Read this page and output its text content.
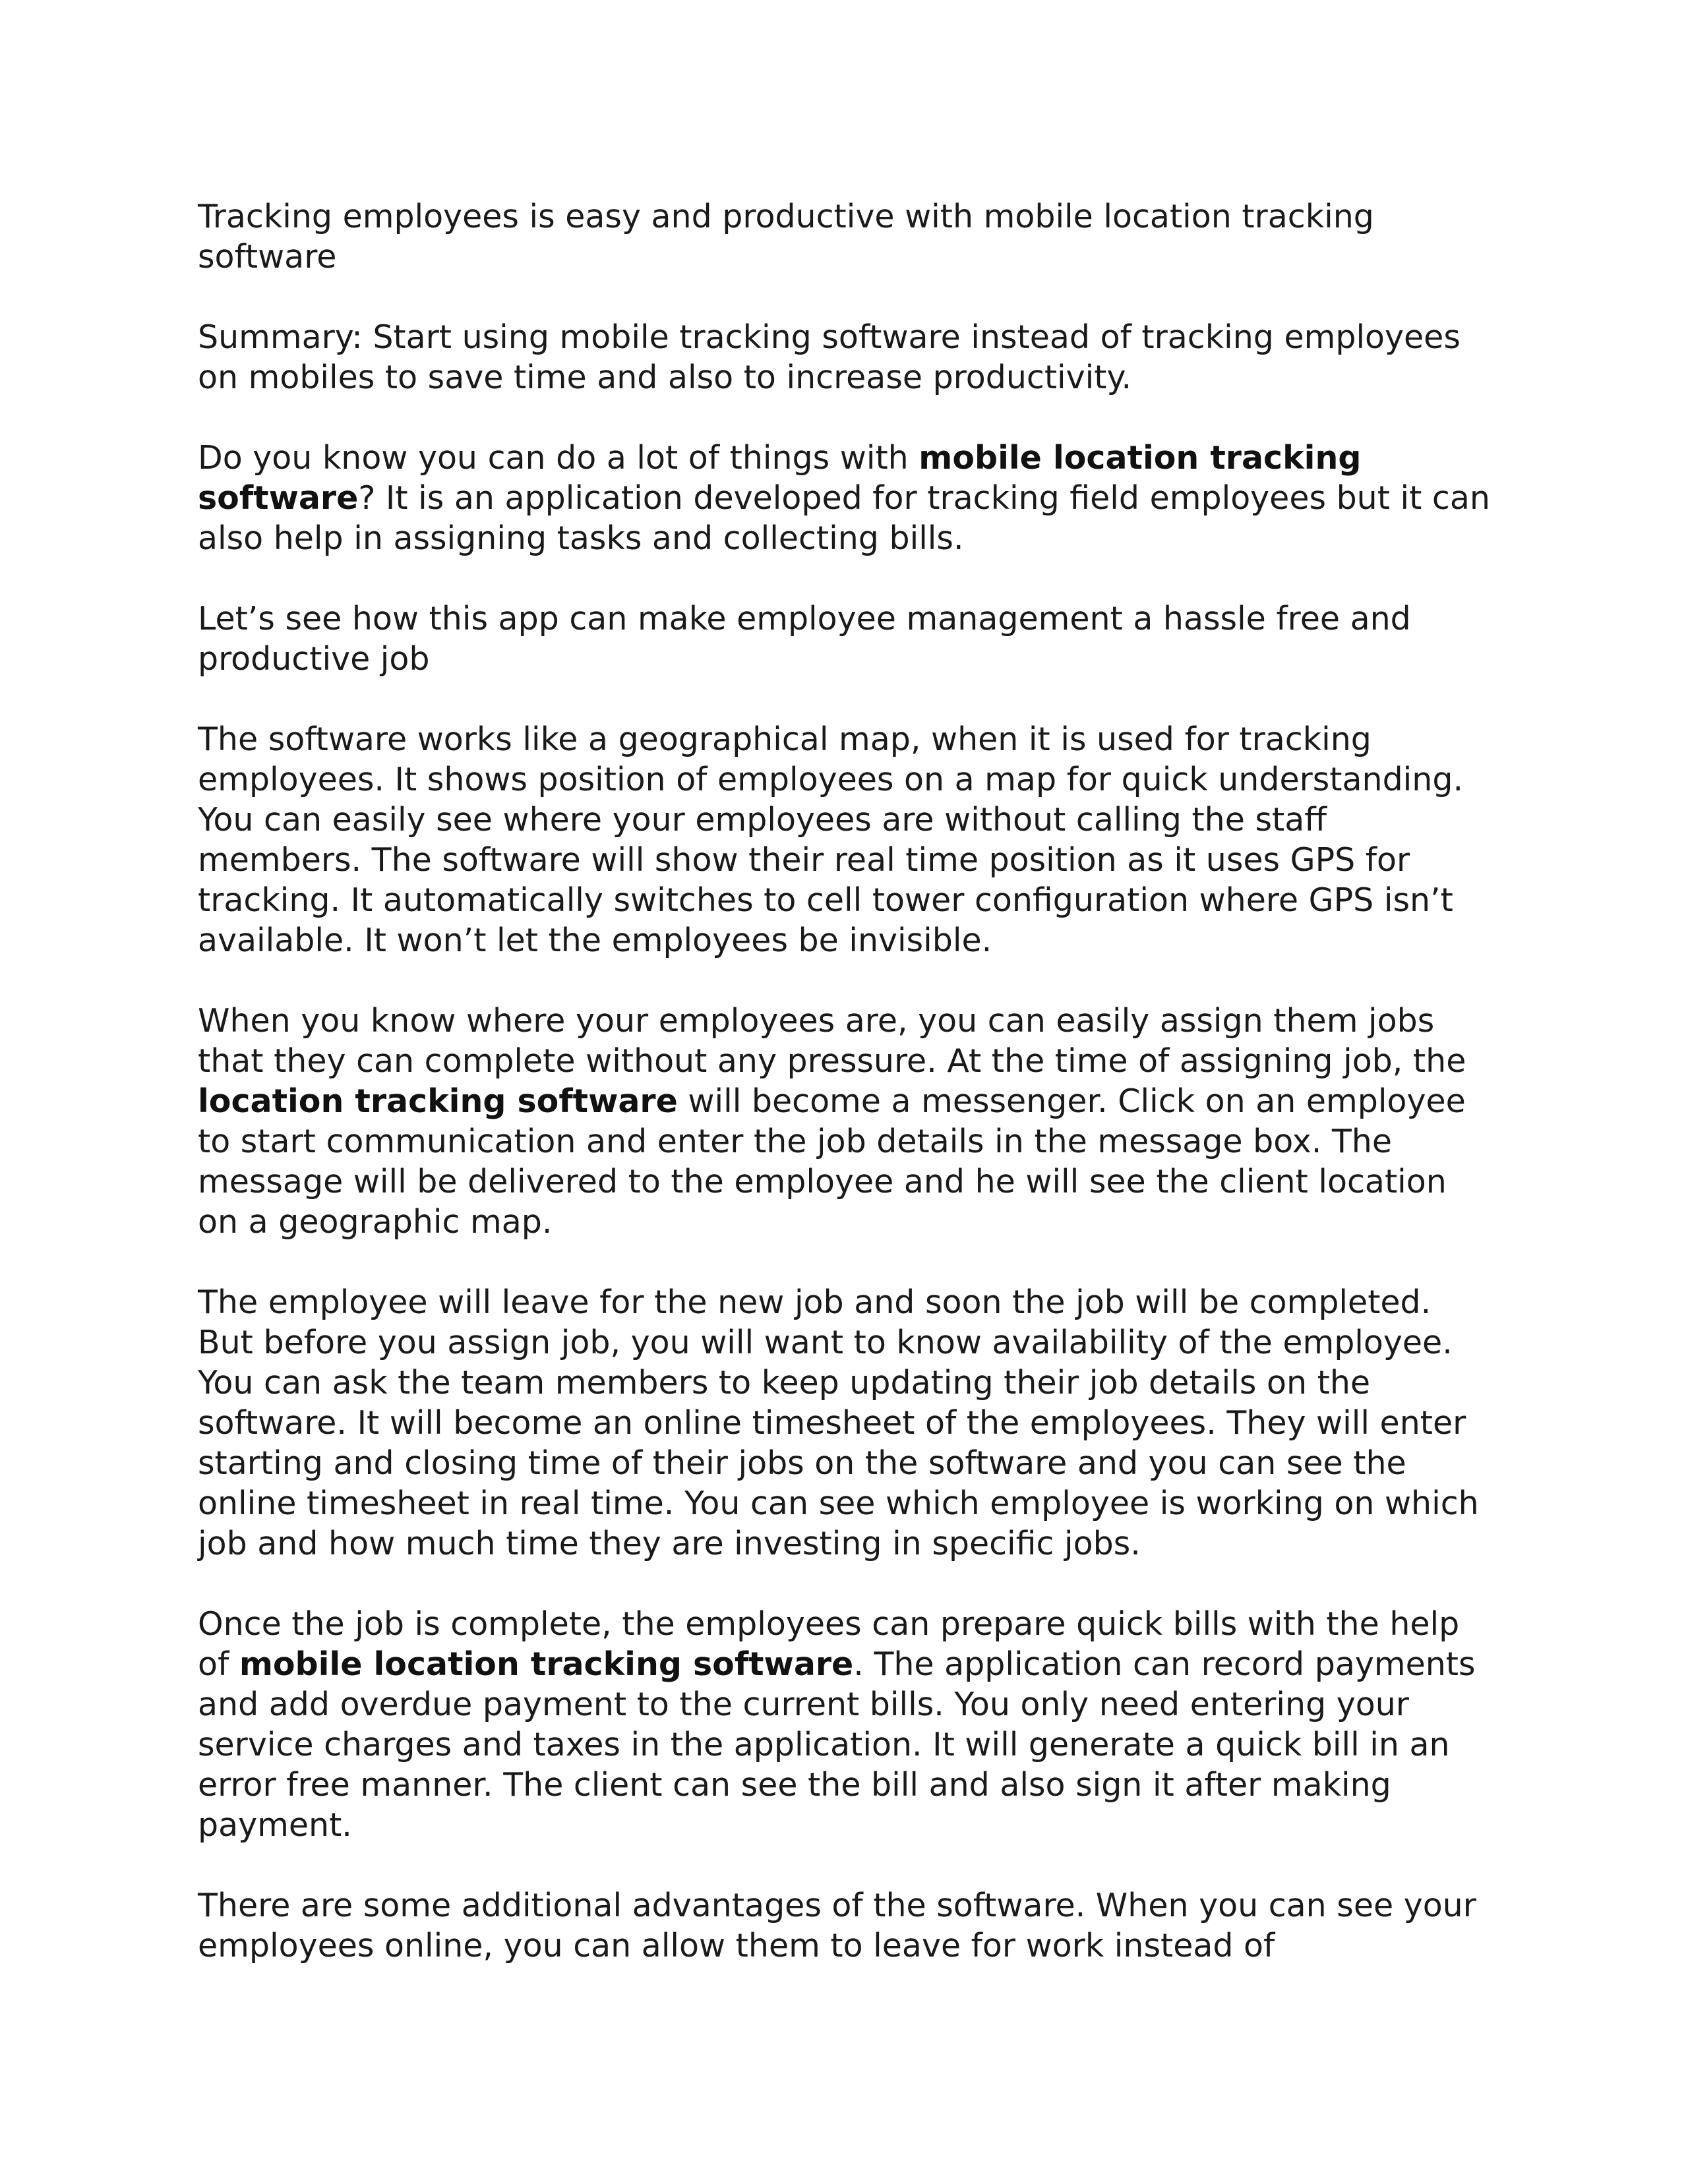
Tracking employees is easy and productive with mobile location tracking software

Summary: Start using mobile tracking software instead of tracking employees on mobiles to save time and also to increase productivity.

Do you know you can do a lot of things with mobile location tracking software? It is an application developed for tracking field employees but it can also help in assigning tasks and collecting bills.

Let’s see how this app can make employee management a hassle free and productive job

The software works like a geographical map, when it is used for tracking employees. It shows position of employees on a map for quick understanding. You can easily see where your employees are without calling the staff members. The software will show their real time position as it uses GPS for tracking. It automatically switches to cell tower configuration where GPS isn’t available. It won’t let the employees be invisible.

When you know where your employees are, you can easily assign them jobs that they can complete without any pressure. At the time of assigning job, the location tracking software will become a messenger. Click on an employee to start communication and enter the job details in the message box. The message will be delivered to the employee and he will see the client location on a geographic map.

The employee will leave for the new job and soon the job will be completed. But before you assign job, you will want to know availability of the employee. You can ask the team members to keep updating their job details on the software. It will become an online timesheet of the employees. They will enter starting and closing time of their jobs on the software and you can see the online timesheet in real time. You can see which employee is working on which job and how much time they are investing in specific jobs.

Once the job is complete, the employees can prepare quick bills with the help of mobile location tracking software. The application can record payments and add overdue payment to the current bills. You only need entering your service charges and taxes in the application. It will generate a quick bill in an error free manner. The client can see the bill and also sign it after making payment.

There are some additional advantages of the software. When you can see your employees online, you can allow them to leave for work instead of
